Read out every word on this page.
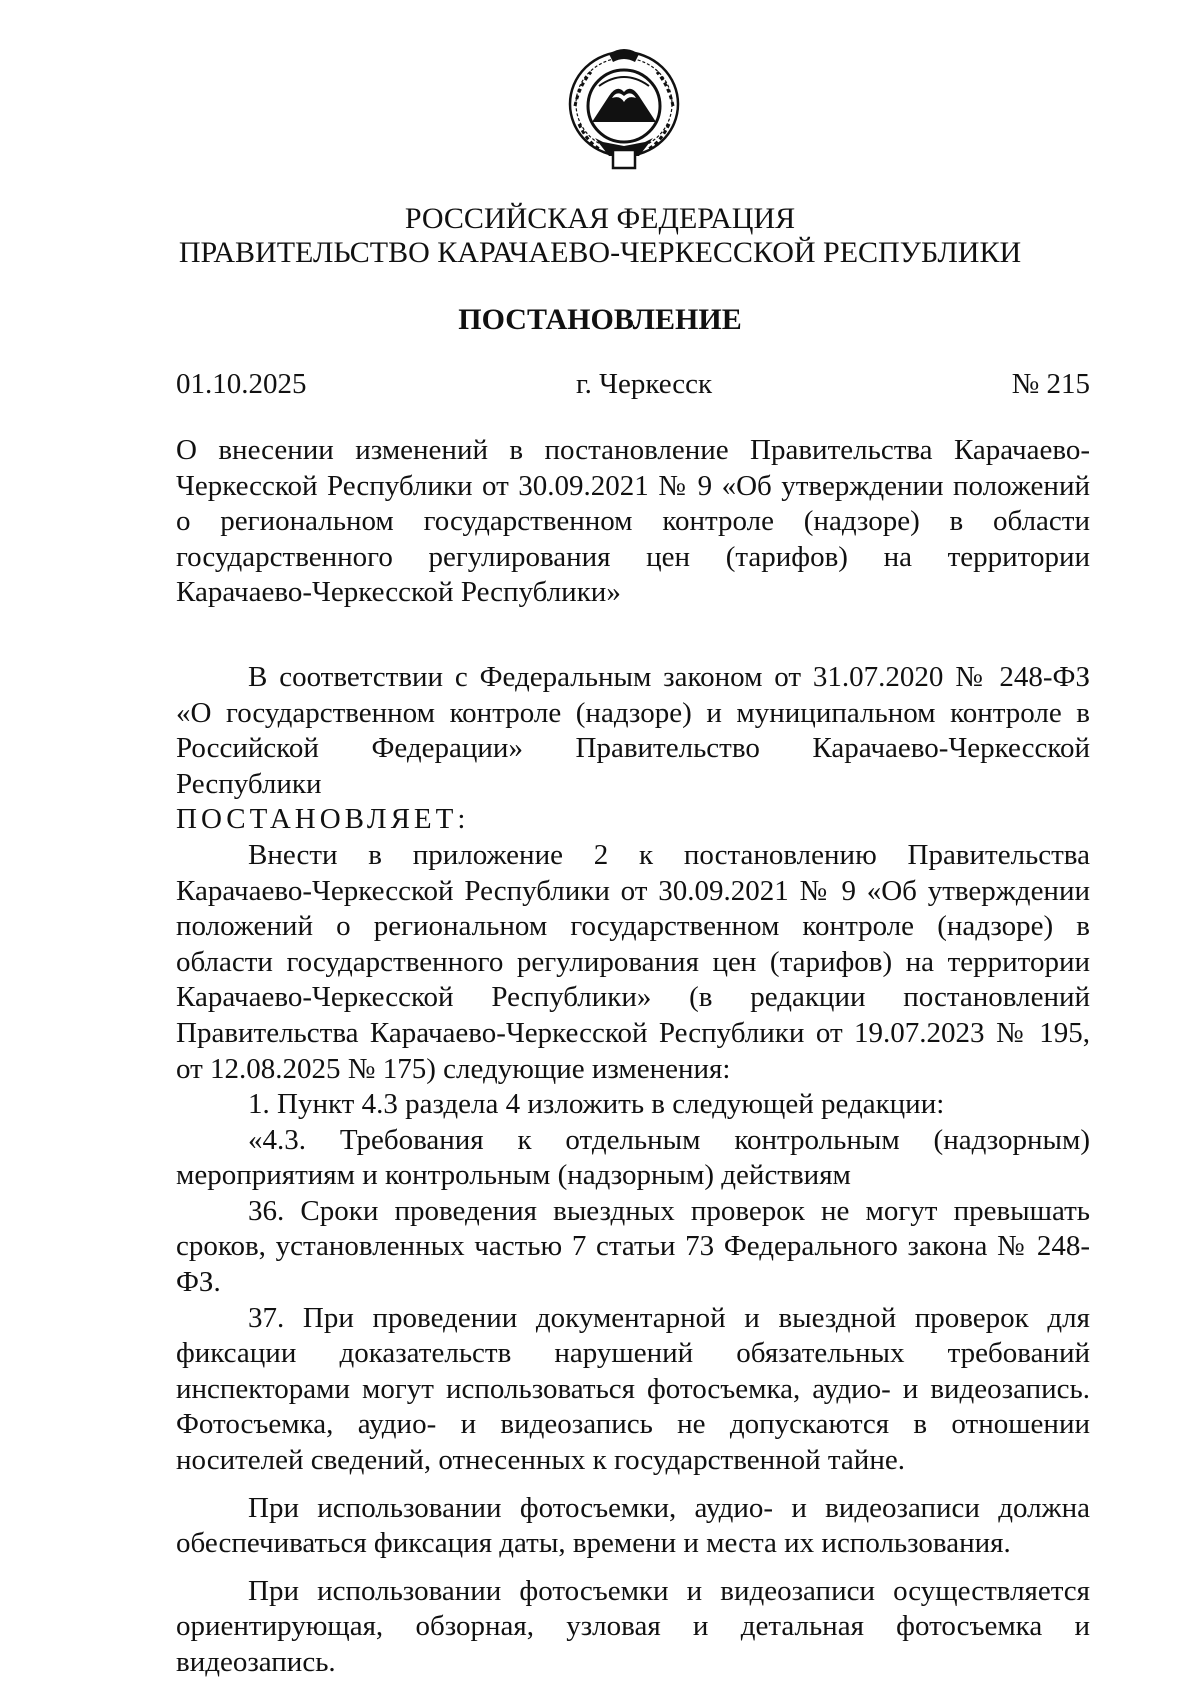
РОССИЙСКАЯ ФЕДЕРАЦИЯ
ПРАВИТЕЛЬСТВО КАРАЧАЕВО-ЧЕРКЕССКОЙ РЕСПУБЛИКИ
ПОСТАНОВЛЕНИЕ
01.10.2025	г. Черкесск	№ 215

О внесении изменений в постановление Правительства Карачаево-Черкесской Республики от 30.09.2021 № 9 «Об утверждении положений о региональном государственном контроле (надзоре) в области государственного регулирования цен (тарифов) на территории Карачаево-Черкесской Республики»

В соответствии с Федеральным законом от 31.07.2020 № 248-ФЗ «О государственном контроле (надзоре) и муниципальном контроле в Российской Федерации» Правительство Карачаево-Черкесской Республики

ПОСТАНОВЛЯЕТ:

Внести в приложение 2 к постановлению Правительства Карачаево-Черкесской Республики от 30.09.2021 № 9 «Об утверждении положений о региональном государственном контроле (надзоре) в области государственного регулирования цен (тарифов) на территории Карачаево-Черкесской Республики» (в редакции постановлений Правительства Карачаево-Черкесской Республики от 19.07.2023 № 195, от 12.08.2025 № 175) следующие изменения:

1. Пункт 4.3 раздела 4 изложить в следующей редакции:

«4.3. Требования к отдельным контрольным (надзорным) мероприятиям и контрольным (надзорным) действиям

36. Сроки проведения выездных проверок не могут превышать сроков, установленных частью 7 статьи 73 Федерального закона № 248-ФЗ.

37. При проведении документарной и выездной проверок для фиксации доказательств нарушений обязательных требований инспекторами могут использоваться фотосъемка, аудио- и видеозапись. Фотосъемка, аудио- и видеозапись не допускаются в отношении носителей сведений, отнесенных к государственной тайне.

При использовании фотосъемки, аудио- и видеозаписи должна обеспечиваться фиксация даты, времени и места их использования.

При использовании фотосъемки и видеозаписи осуществляется ориентирующая, обзорная, узловая и детальная фотосъемка и видеозапись.
